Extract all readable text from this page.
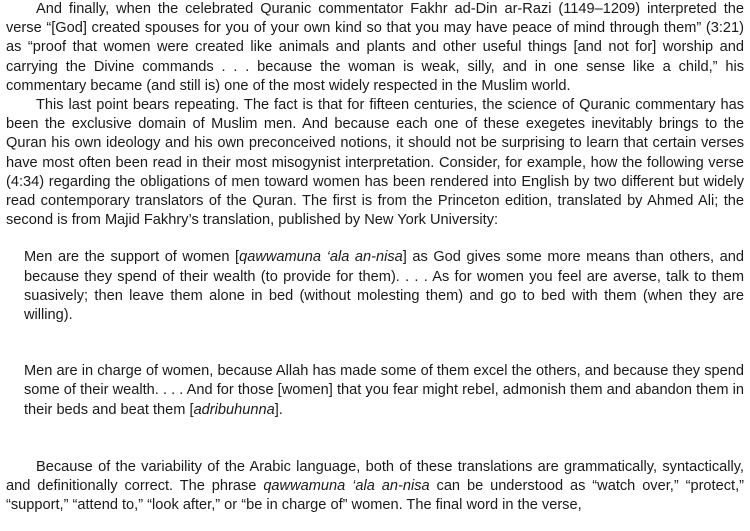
And finally, when the celebrated Quranic commentator Fakhr ad-Din ar-Razi (1149–1209) interpreted the verse “[God] created spouses for you of your own kind so that you may have peace of mind through them” (3:21) as “proof that women were created like animals and plants and other useful things [and not for] worship and carrying the Divine commands . . . because the woman is weak, silly, and in one sense like a child,” his commentary became (and still is) one of the most widely respected in the Muslim world.

This last point bears repeating. The fact is that for fifteen centuries, the science of Quranic commentary has been the exclusive domain of Muslim men. And because each one of these exegetes inevitably brings to the Quran his own ideology and his own preconceived notions, it should not be surprising to learn that certain verses have most often been read in their most misogynist interpretation. Consider, for example, how the following verse (4:34) regarding the obligations of men toward women has been rendered into English by two different but widely read contemporary translators of the Quran. The first is from the Princeton edition, translated by Ahmed Ali; the second is from Majid Fakhry’s translation, published by New York University:

Men are the support of women [qawwamuna ‘ala an-nisa] as God gives some more means than others, and because they spend of their wealth (to provide for them). . . . As for women you feel are averse, talk to them suasively; then leave them alone in bed (without molesting them) and go to bed with them (when they are willing).

Men are in charge of women, because Allah has made some of them excel the others, and because they spend some of their wealth. . . . And for those [women] that you fear might rebel, admonish them and abandon them in their beds and beat them [adribuhunna].

Because of the variability of the Arabic language, both of these translations are grammatically, syntactically, and definitionally correct. The phrase qawwamuna ‘ala an-nisa can be understood as “watch over,” “protect,” “support,” “attend to,” “look after,” or “be in charge of” women. The final word in the verse,
